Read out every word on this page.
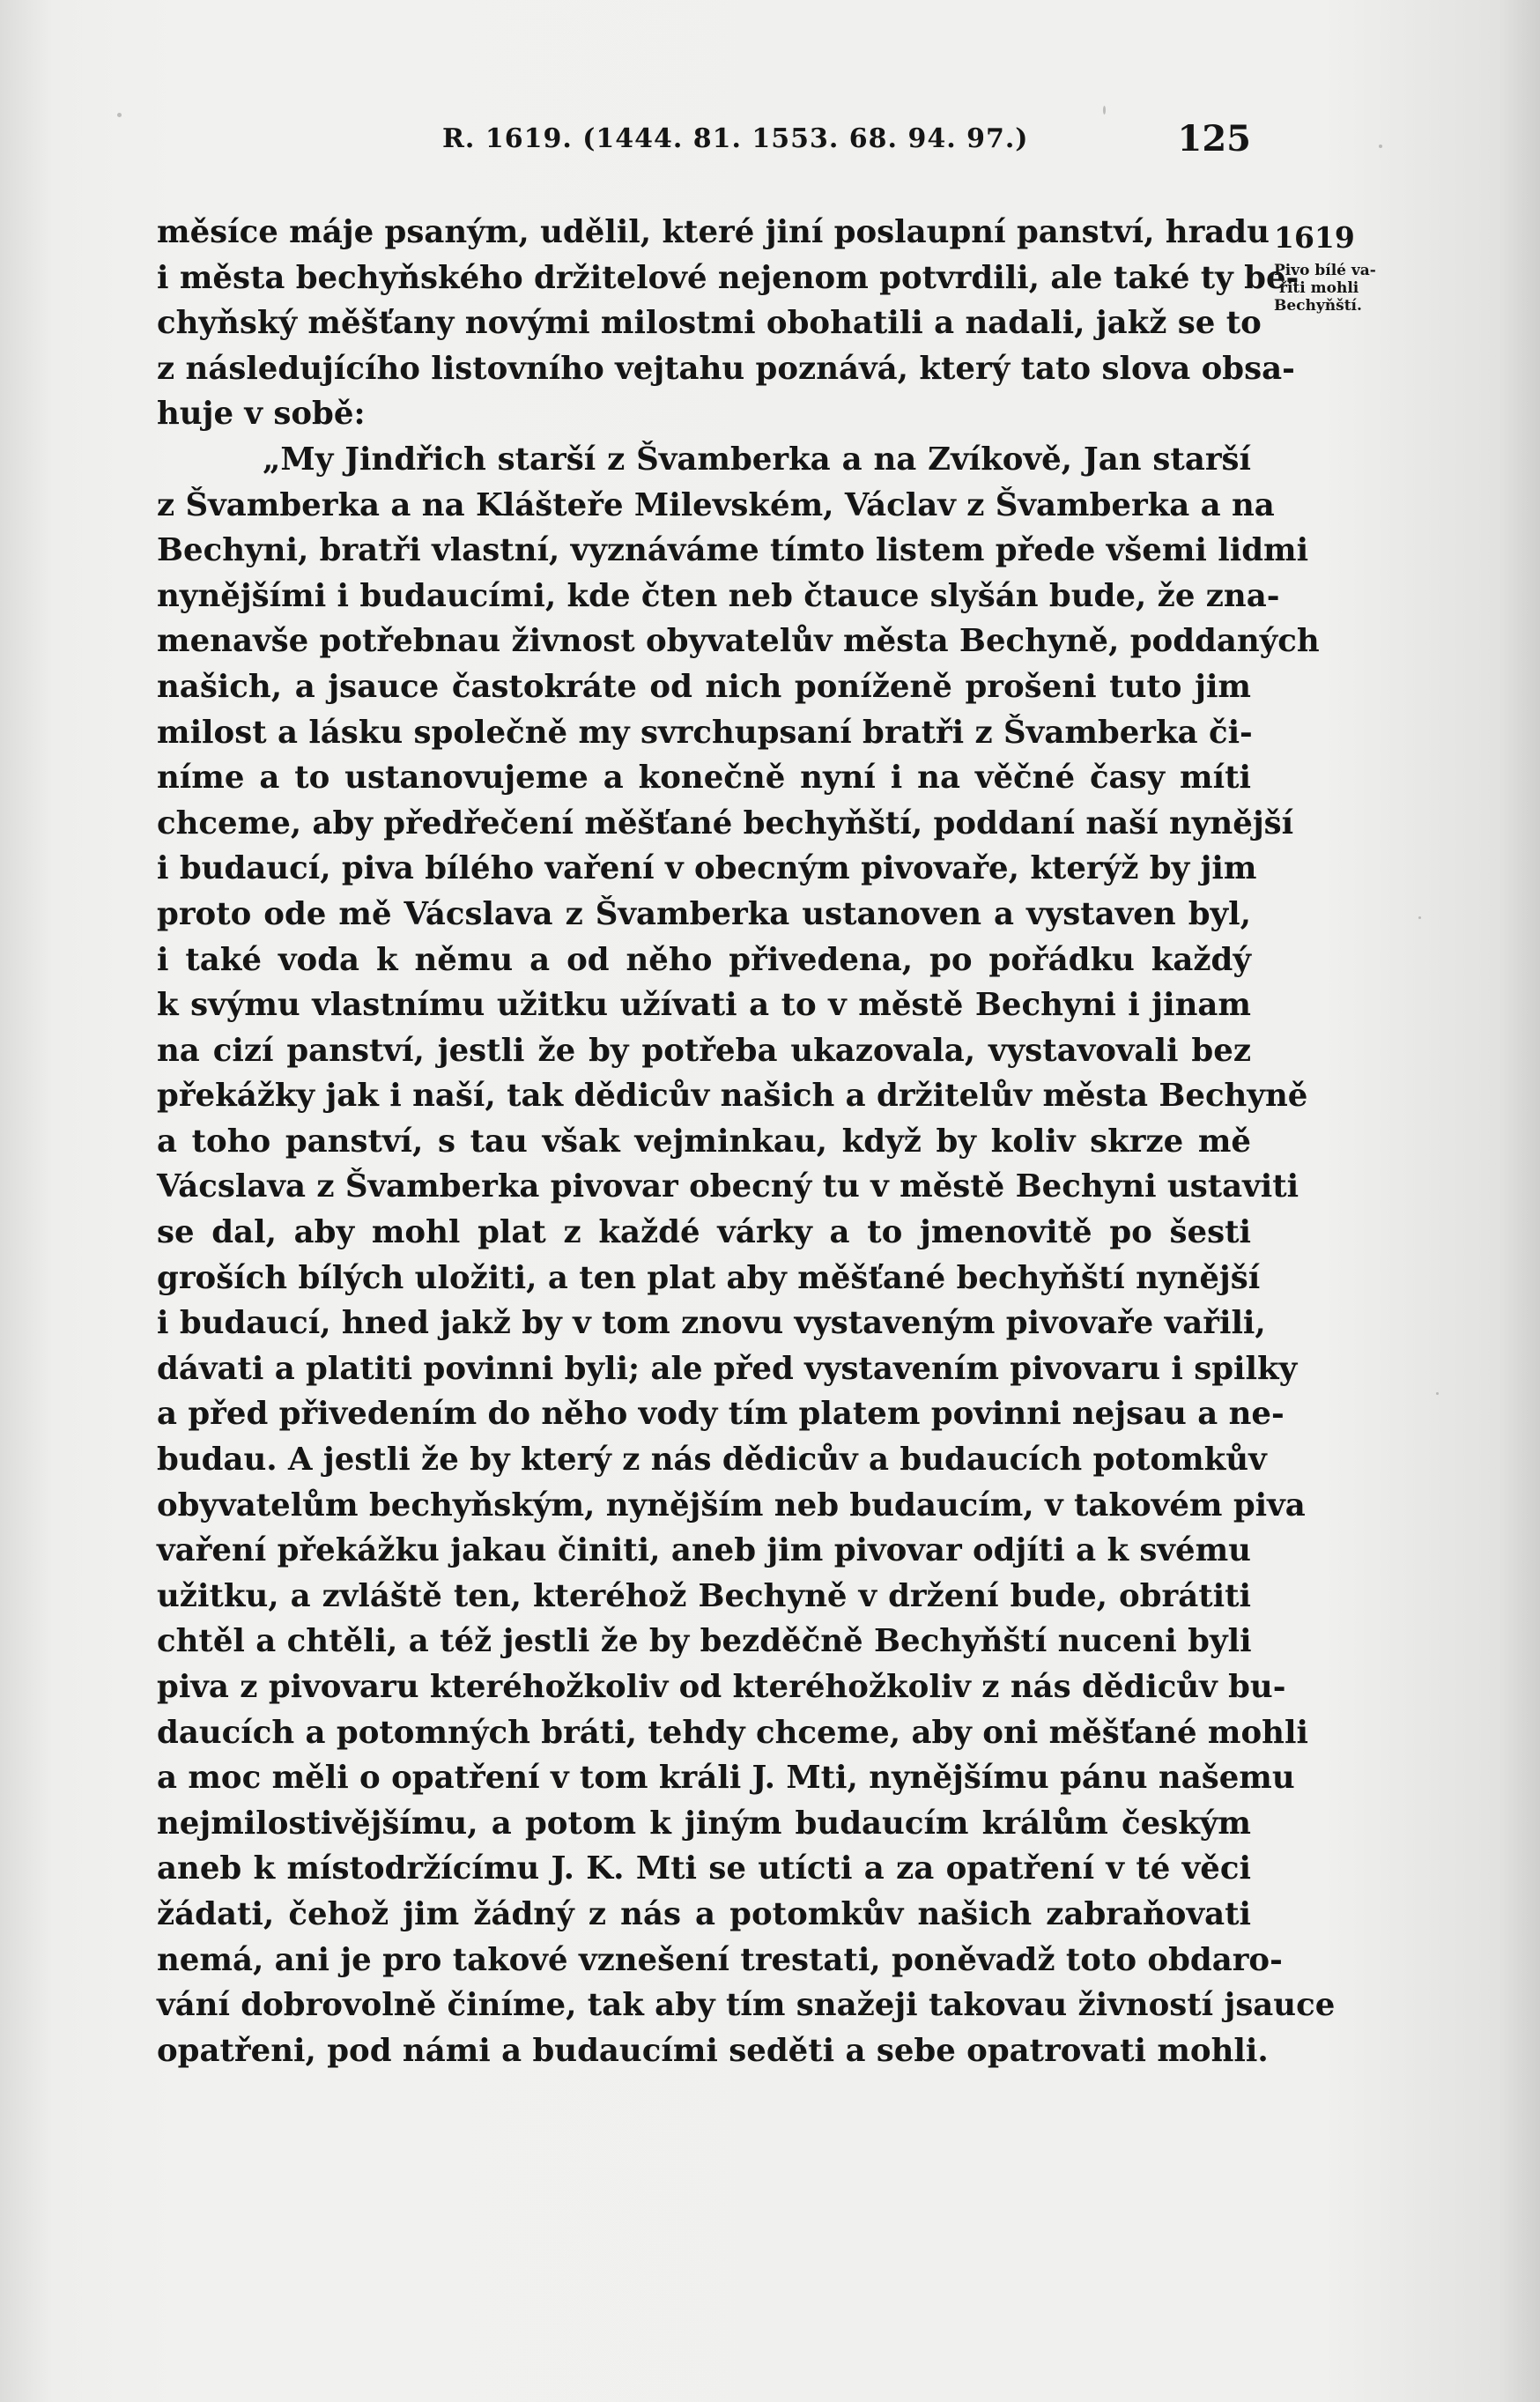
R. 1619. (1444. 81. 1553. 68. 94. 97.)	125
1619
Pivo bílé va-
řiti mohli
Bechyňští.
měsíce máje psaným, udělil, které jiní poslaupní panství, hradu
i města bechyňského držitelové nejenom potvrdili, ale také ty be-
chyňský měšťany novými milostmi obohatili a nadali, jakž se to
z následujícího listovního vejtahu poznává, který tato slova obsa-
huje v sobě:
„My Jindřich starší z Švamberka a na Zvíkově, Jan starší
z Švamberka a na Klášteře Milevském, Václav z Švamberka a na
Bechyni, bratři vlastní, vyznáváme tímto listem přede všemi lidmi
nynějšími i budaucími, kde čten neb čtauce slyšán bude, že zna-
menavše potřebnau živnost obyvatelův města Bechyně, poddaných
našich, a jsauce častokráte od nich poníženě prošeni tuto jim
milost a lásku společně my svrchupsaní bratři z Švamberka či-
níme a to ustanovujeme a konečně nyní i na věčné časy míti
chceme, aby předřečení měšťané bechyňští, poddaní naší nynější
i budaucí, piva bílého vaření v obecným pivovaře, kterýž by jim
proto ode mě Vácslava z Švamberka ustanoven a vystaven byl,
i také voda k němu a od něho přivedena, po pořádku každý
k svýmu vlastnímu užitku užívati a to v městě Bechyni i jinam
na cizí panství, jestli že by potřeba ukazovala, vystavovali bez
překážky jak i naší, tak dědicův našich a držitelův města Bechyně
a toho panství, s tau však vejminkau, když by koliv skrze mě
Vácslava z Švamberka pivovar obecný tu v městě Bechyni ustaviti
se dal, aby mohl plat z každé várky a to jmenovitě po šesti
groších bílých uložiti, a ten plat aby měšťané bechyňští nynější
i budaucí, hned jakž by v tom znovu vystaveným pivovaře vařili,
dávati a platiti povinni byli; ale před vystavením pivovaru i spilky
a před přivedením do něho vody tím platem povinni nejsau a ne-
budau. A jestli že by který z nás dědicův a budaucích potomkův
obyvatelům bechyňským, nynějším neb budaucím, v takovém piva
vaření překážku jakau činiti, aneb jim pivovar odjíti a k svému
užitku, a zvláště ten, kteréhož Bechyně v držení bude, obrátiti
chtěl a chtěli, a též jestli že by bezděčně Bechyňští nuceni byli
piva z pivovaru kteréhožkoliv od kteréhožkoliv z nás dědicův bu-
daucích a potomných bráti, tehdy chceme, aby oni měšťané mohli
a moc měli o opatření v tom králi J. Mti, nynějšímu pánu našemu
nejmilostivějšímu, a potom k jiným budaucím králům českým
aneb k místodržícímu J. K. Mti se utícti a za opatření v té věci
žádati, čehož jim žádný z nás a potomkův našich zabraňovati
nemá, ani je pro takové vznešení trestati, poněvadž toto obdaro-
vání dobrovolně činíme, tak aby tím snažeji takovau živností jsauce
opatřeni, pod námi a budaucími seděti a sebe opatrovati mohli.
